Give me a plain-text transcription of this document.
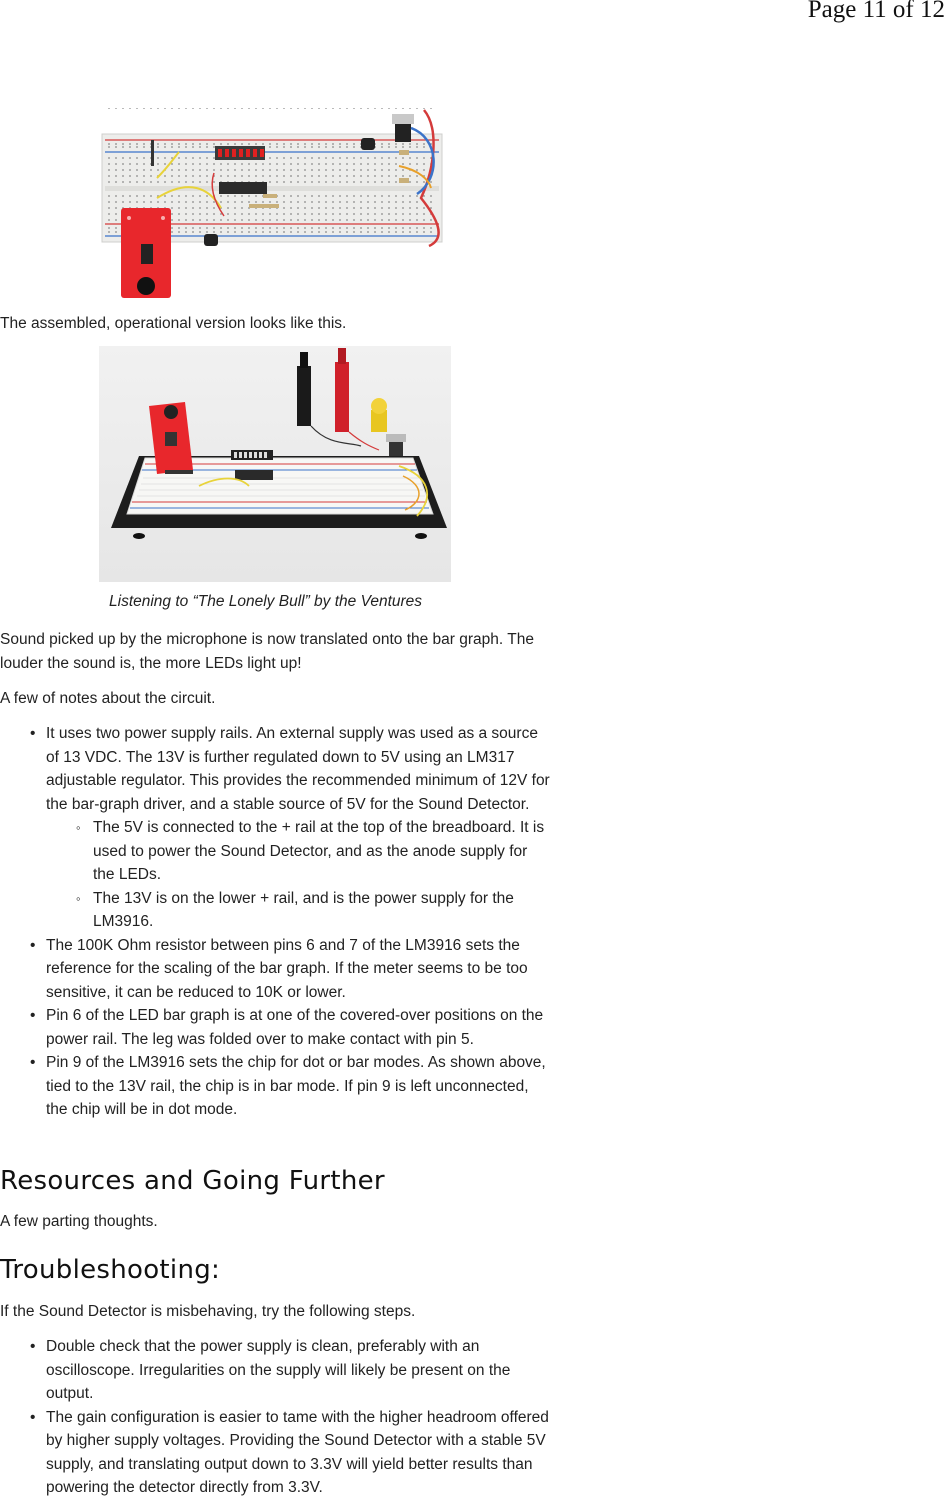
Page 11 of 12

The assembled, operational version looks like this.

Listening to “The Lonely Bull” by the Ventures

Sound picked up by the microphone is now translated onto the bar graph. The louder the sound is, the more LEDs light up!

A few of notes about the circuit.

• It uses two power supply rails. An external supply was used as a source of 13 VDC. The 13V is further regulated down to 5V using an LM317 adjustable regulator. This provides the recommended minimum of 12V for the bar-graph driver, and a stable source of 5V for the Sound Detector.
◦ The 5V is connected to the + rail at the top of the breadboard. It is used to power the Sound Detector, and as the anode supply for the LEDs.
◦ The 13V is on the lower + rail, and is the power supply for the LM3916.
• The 100K Ohm resistor between pins 6 and 7 of the LM3916 sets the reference for the scaling of the bar graph. If the meter seems to be too sensitive, it can be reduced to 10K or lower.
• Pin 6 of the LED bar graph is at one of the covered-over positions on the power rail. The leg was folded over to make contact with pin 5.
• Pin 9 of the LM3916 sets the chip for dot or bar modes. As shown above, tied to the 13V rail, the chip is in bar mode. If pin 9 is left unconnected, the chip will be in dot mode.
Resources and Going Further

A few parting thoughts.

Troubleshooting:

If the Sound Detector is misbehaving, try the following steps.

• Double check that the power supply is clean, preferably with an oscilloscope. Irregularities on the supply will likely be present on the output.
• The gain configuration is easier to tame with the higher headroom offered by higher supply voltages. Providing the Sound Detector with a stable 5V supply, and translating output down to 3.3V will yield better results than powering the detector directly from 3.3V.
